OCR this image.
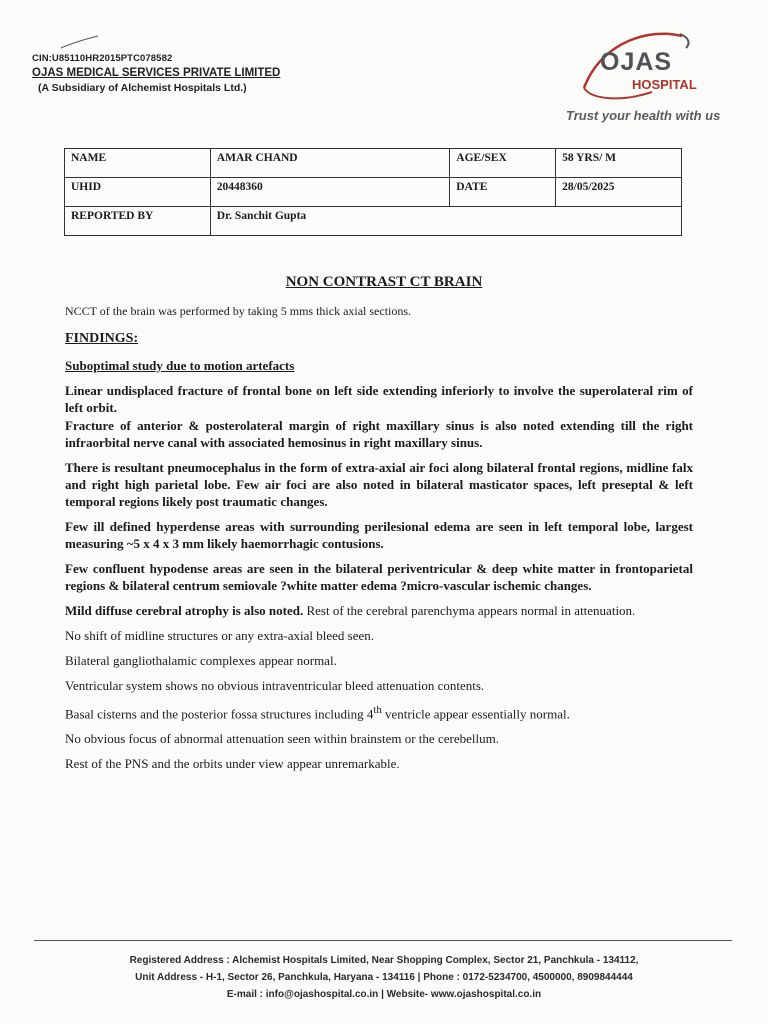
CIN:U85110HR2015PTC078582
OJAS MEDICAL SERVICES PRIVATE LIMITED
(A Subsidiary of Alchemist Hospitals Ltd.)
OJAS
HOSPITAL
Trust your health with us
NAME	AMAR CHAND	AGE/SEX	58 YRS/ M
UHID	20448360	DATE	28/05/2025
REPORTED BY	Dr. Sanchit Gupta		
NON CONTRAST CT BRAIN

NCCT of the brain was performed by taking 5 mms thick axial sections.

FINDINGS:

Suboptimal study due to motion artefacts

Linear undisplaced fracture of frontal bone on left side extending inferiorly to involve the superolateral rim of left orbit.

Fracture of anterior & posterolateral margin of right maxillary sinus is also noted extending till the right infraorbital nerve canal with associated hemosinus in right maxillary sinus.

There is resultant pneumocephalus in the form of extra-axial air foci along bilateral frontal regions, midline falx and right high parietal lobe. Few air foci are also noted in bilateral masticator spaces, left preseptal & left temporal regions likely post traumatic changes.

Few ill defined hyperdense areas with surrounding perilesional edema are seen in left temporal lobe, largest measuring ~5 x 4 x 3 mm likely haemorrhagic contusions.

Few confluent hypodense areas are seen in the bilateral periventricular & deep white matter in frontoparietal regions & bilateral centrum semiovale ?white matter edema ?micro-vascular ischemic changes.

Mild diffuse cerebral atrophy is also noted. Rest of the cerebral parenchyma appears normal in attenuation.

No shift of midline structures or any extra-axial bleed seen.

Bilateral gangliothalamic complexes appear normal.

Ventricular system shows no obvious intraventricular bleed attenuation contents.

Basal cisterns and the posterior fossa structures including 4th ventricle appear essentially normal.

No obvious focus of abnormal attenuation seen within brainstem or the cerebellum.

Rest of the PNS and the orbits under view appear unremarkable.

Registered Address : Alchemist Hospitals Limited, Near Shopping Complex, Sector 21, Panchkula - 134112,
Unit Address - H-1, Sector 26, Panchkula, Haryana - 134116 | Phone : 0172-5234700, 4500000, 8909844444
E-mail : info@ojashospital.co.in | Website- www.ojashospital.co.in
